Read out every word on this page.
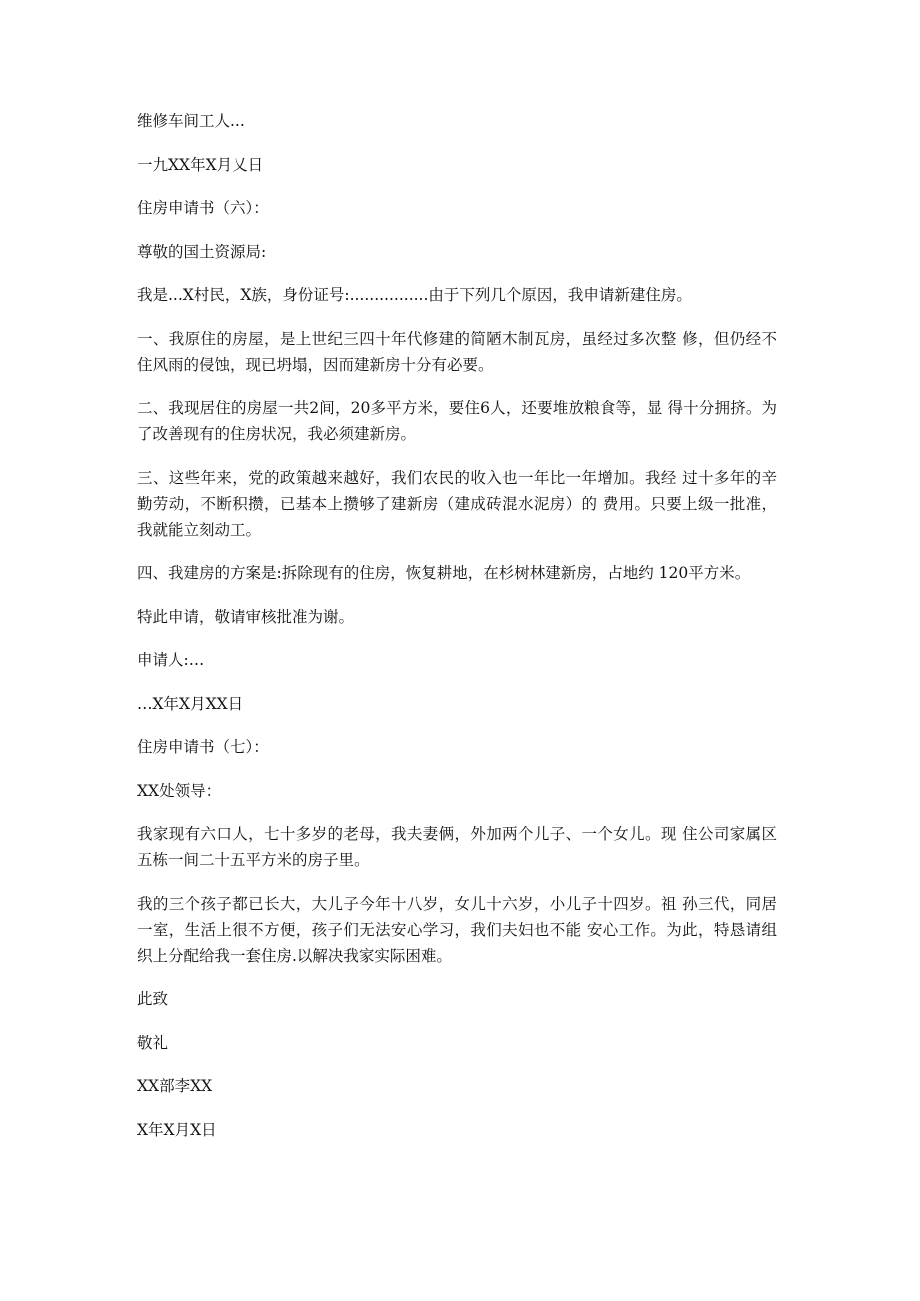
维修车间工人...

一九XX年X月乂日

住房申请书（六）：

尊敬的国土资源局:

我是...X村民，X族，身份证号:................由于下列几个原因，我申请新建住房。

一、我原住的房屋，是上世纪三四十年代修建的简陋木制瓦房，虽经过多次整 修，但仍经不住风雨的侵蚀，现已坍塌，因而建新房十分有必要。

二、我现居住的房屋一共2间，20多平方米，要住6人，还要堆放粮食等，显 得十分拥挤。为了改善现有的住房状况，我必须建新房。

三、这些年来，党的政策越来越好，我们农民的收入也一年比一年增加。我经 过十多年的辛勤劳动，不断积攒，已基本上攒够了建新房（建成砖混水泥房）的 费用。只要上级一批准，我就能立刻动工。

四、我建房的方案是:拆除现有的住房，恢复耕地，在杉树林建新房，占地约 120平方米。

特此申请，敬请审核批准为谢。

申请人:…

…X年X月XX日

住房申请书（七）：

XX处领导：

我家现有六口人，七十多岁的老母，我夫妻俩，外加两个儿子、一个女儿。现 住公司家属区五栋一间二十五平方米的房子里。

我的三个孩子都已长大，大儿子今年十八岁，女儿十六岁，小儿子十四岁。祖 孙三代，同居一室，生活上很不方便，孩子们无法安心学习，我们夫妇也不能 安心工作。为此，特恳请组织上分配给我一套住房.以解决我家实际困难。

此致

敬礼

XX部李XX

X年X月X日
